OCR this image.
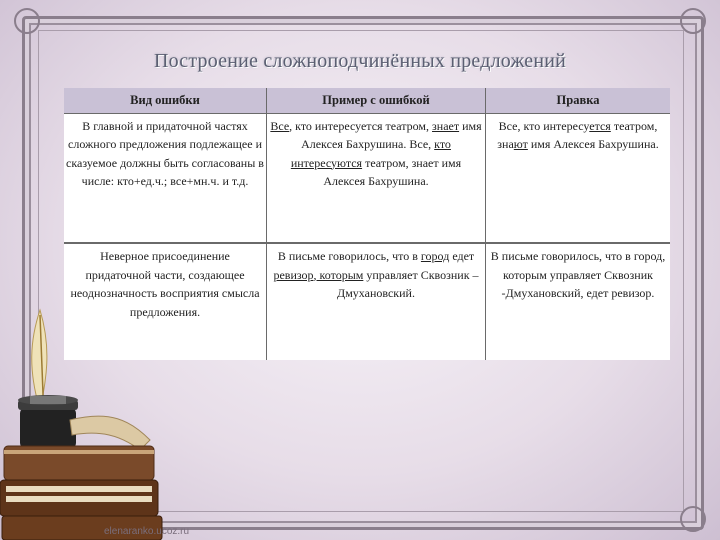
Построение сложноподчинённых предложений
Вид ошибки	Пример с ошибкой	Правка
В главной и придаточной частях сложного предложения подлежащее и сказуемое должны быть согласованы в числе: кто+ед.ч.; все+мн.ч. и т.д.	Все, кто интересуется театром, знает имя Алексея Бахрушина. Все, кто интересуются театром, знает имя Алексея Бахрушина.	Все, кто интересуется театром, знают имя Алексея Бахрушина.
Неверное присоединение придаточной части, создающее неоднозначность восприятия смысла предложения.	В письме говорилось, что в город едет ревизор, которым управляет Сквозник – Дмухановский.	В письме говорилось, что в город, которым управляет Сквозник -Дмухановский, едет ревизор.
elenaranko.ucoz.ru
